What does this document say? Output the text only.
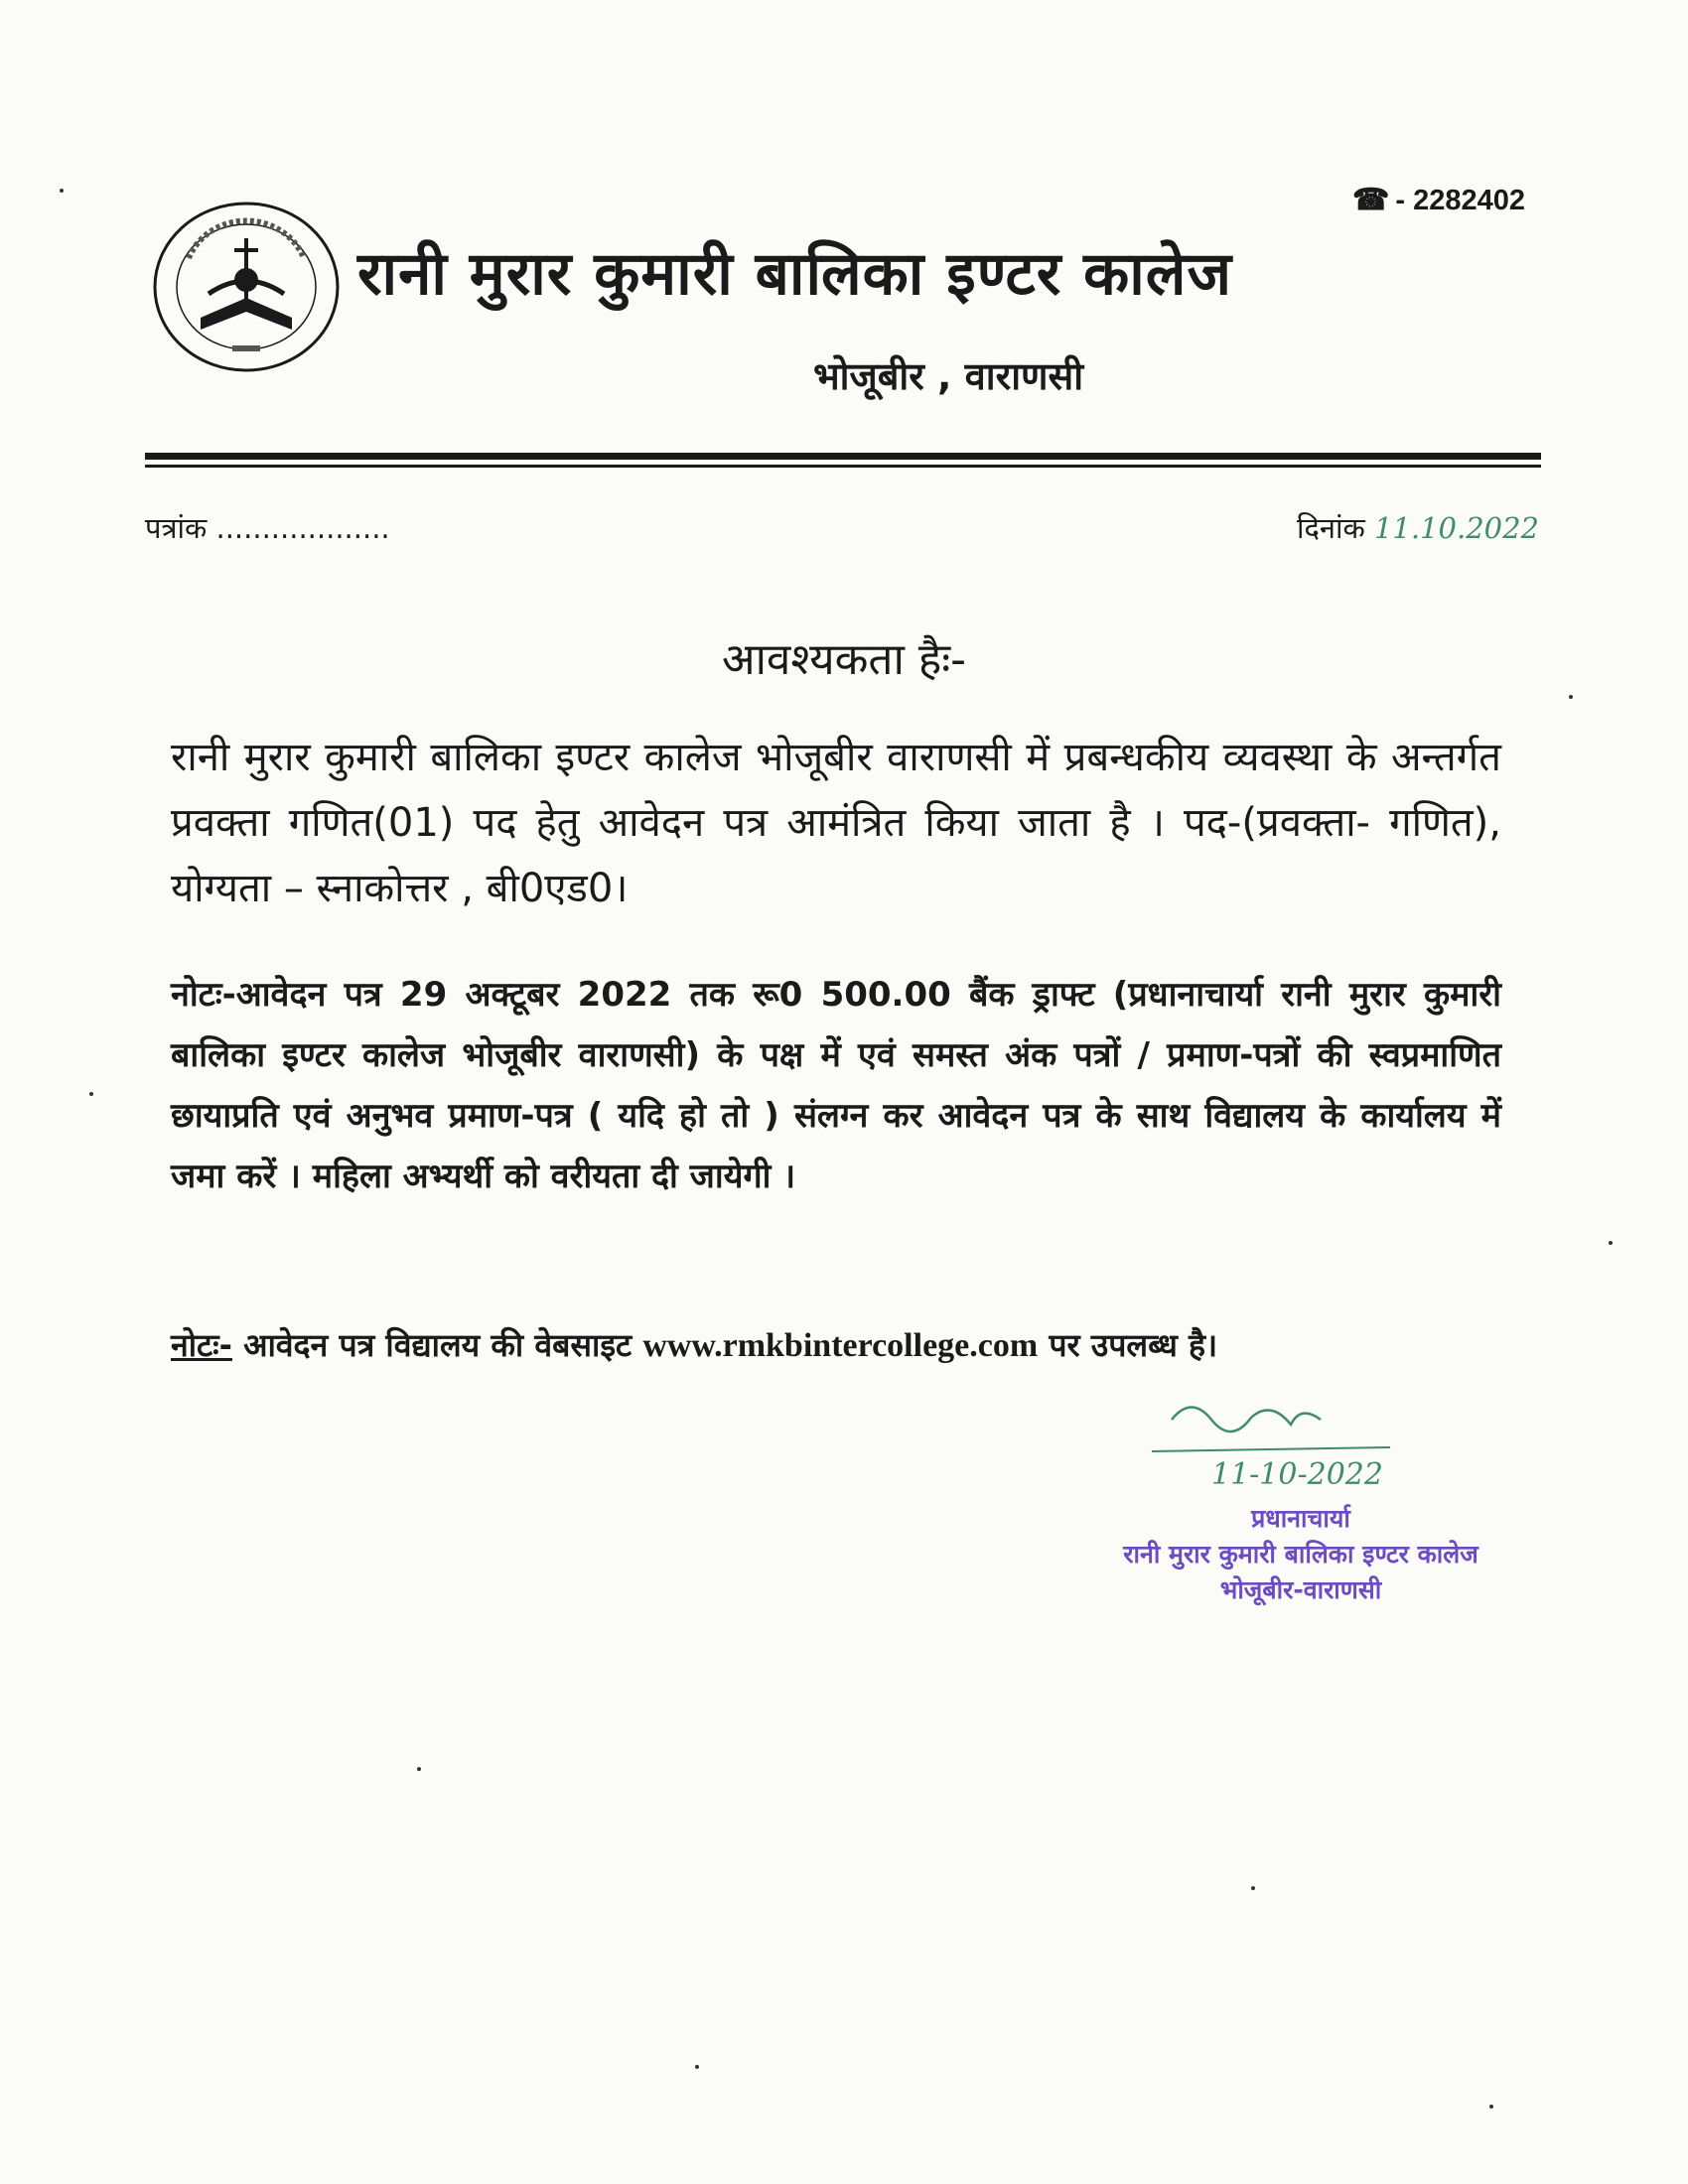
☎ - 2282402
रानी मुरार कुमारी बालिका इण्टर कालेज
भोजूबीर , वाराणसी
पत्रांक ...................	दिनांक 11.10.2022
आवश्यकता हैः-
रानी मुरार कुमारी बालिका इण्टर कालेज भोजूबीर वाराणसी में प्रबन्धकीय व्यवस्था के अन्तर्गत प्रवक्ता गणित(01) पद हेतु आवेदन पत्र आमंत्रित किया जाता है । पद-(प्रवक्ता- गणित), योग्यता – स्नाकोत्तर , बी0एड0।
नोटः-आवेदन पत्र 29 अक्टूबर 2022 तक रू0 500.00 बैंक ड्राफ्ट (प्रधानाचार्या रानी मुरार कुमारी बालिका इण्टर कालेज भोजूबीर वाराणसी) के पक्ष में एवं समस्त अंक पत्रों / प्रमाण-पत्रों की स्वप्रमाणित छायाप्रति एवं अनुभव प्रमाण-पत्र ( यदि हो तो ) संलग्न कर आवेदन पत्र के साथ विद्यालय के कार्यालय में जमा करें । महिला अभ्यर्थी को वरीयता दी जायेगी ।
नोटः- आवेदन पत्र विद्यालय की वेबसाइट www.rmkbintercollege.com पर उपलब्ध है।
11-10-2022
प्रधानाचार्या
रानी मुरार कुमारी बालिका इण्टर कालेज
भोजूबीर-वाराणसी
